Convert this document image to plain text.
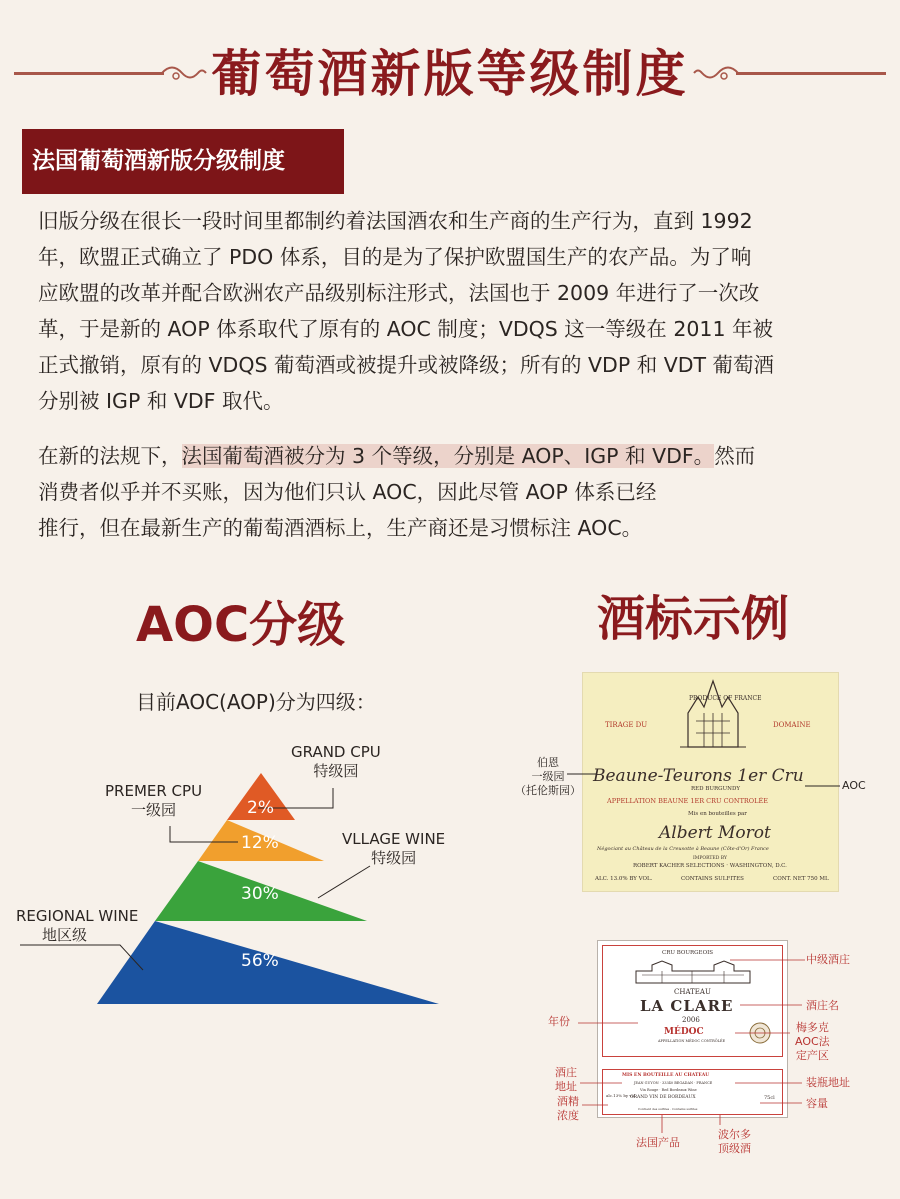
葡萄酒新版等级制度
法国葡萄酒新版分级制度
旧版分级在很长一段时间里都制约着法国酒农和生产商的生产行为，直到 1992
年，欧盟正式确立了 PDO 体系，目的是为了保护欧盟国生产的农产品。为了响
应欧盟的改革并配合欧洲农产品级别标注形式，法国也于 2009 年进行了一次改
革，于是新的 AOP 体系取代了原有的 AOC 制度；VDQS 这一等级在 2011 年被
正式撤销，原有的 VDQS 葡萄酒或被提升或被降级；所有的 VDP 和 VDT 葡萄酒
分别被 IGP 和 VDF 取代。
在新的法规下，法国葡萄酒被分为 3 个等级，分别是 AOP、IGP 和 VDF。然而
消费者似乎并不买账，因为他们只认 AOC，因此尽管 AOP 体系已经
推行，但在最新生产的葡萄酒酒标上，生产商还是习惯标注 AOC。
AOC分级
目前AOC(AOP)分为四级：
2%
12%
30%
56%
GRAND CPU
特级园
PREMER CPU
一级园
VLLAGE WINE
特级园
REGIONAL WINE
地区级
酒标示例
PRODUCE OF FRANCE
TIRAGE DU	DOMAINE
Beaune-Teurons 1er Cru
RED BURGUNDY
APPELLATION BEAUNE 1ER CRU CONTROLÉE
Mis en bouteilles par
Albert Morot
Négociant au Château de la Creusotte à Beaune (Côte-d'Or) France
IMPORTED BY
ROBERT KACHER SELECTIONS · WASHINGTON, D.C.
ALC. 13.0% BY VOL.	CONTAINS SULFITES	CONT. NET 750 ML
伯恩
一级园
（托伦斯园）	AOC
CRU BOURGEOIS
CHATEAU
LA CLARE
2006
MÉDOC
APPELLATION MÉDOC CONTRÔLÉE
MIS EN BOUTEILLE AU CHATEAU
JEAN GUYON · 33340 BEGADAN · FRANCE
Vin Rouge · Red Bordeaux Wine
GRAND VIN DE BORDEAUX
alc.13% by vol	75cl
Contient des sulfites · Contains sulfites
中级酒庄
酒庄名
年份	梅多克
AOC法
定产区
酒庄
地址	装瓶地址
酒精
浓度
容量
法国产品
波尔多
顶级酒
